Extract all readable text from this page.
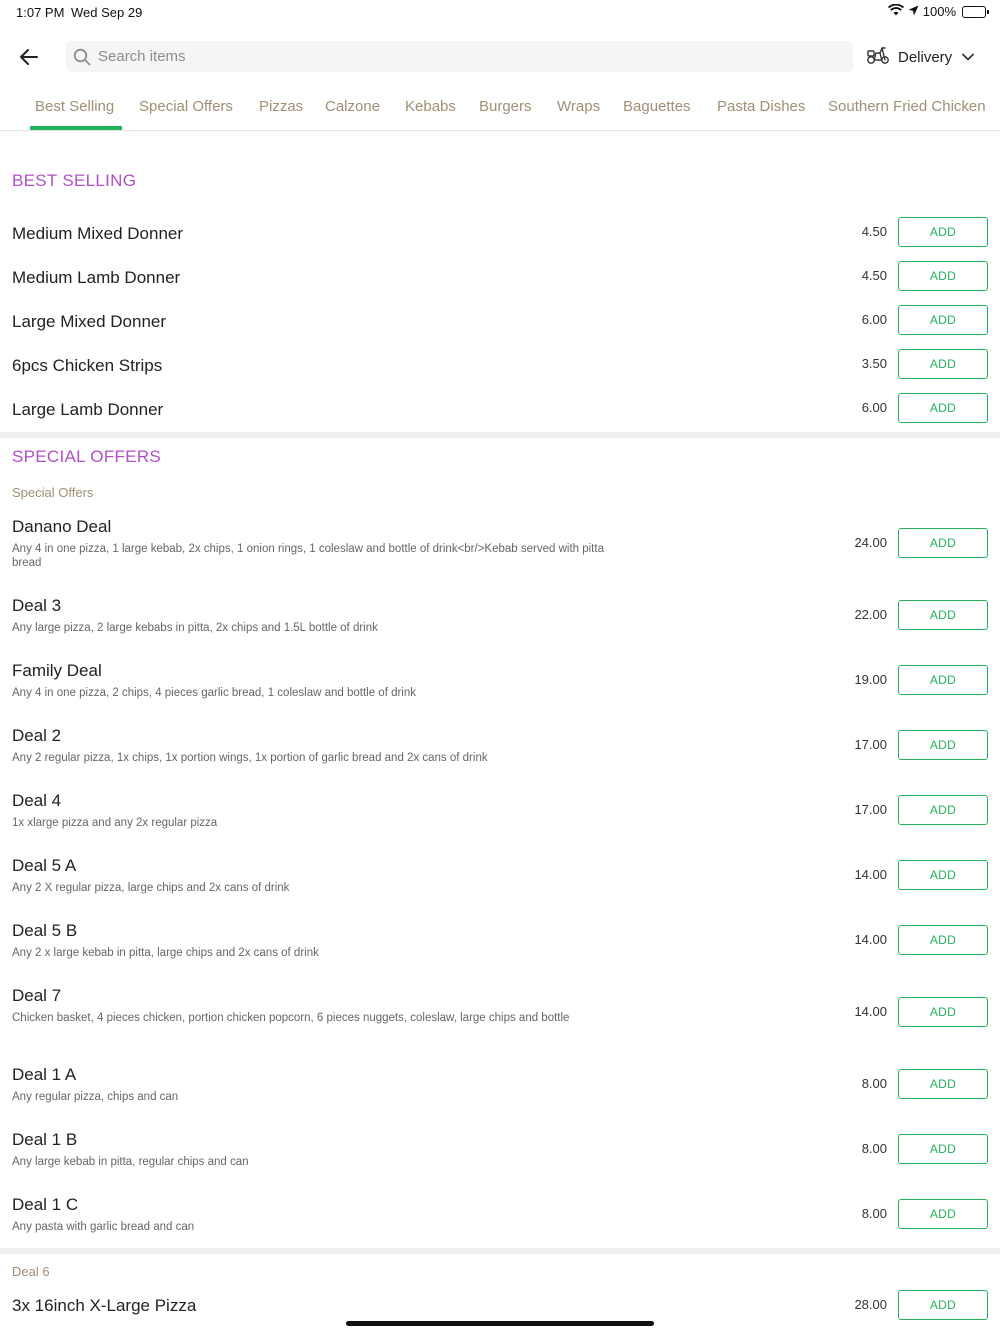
1:07 PM Wed Sep 29	100%
Search items
Delivery
Best Selling	Special Offers	Pizzas	Calzone	Kebabs	Burgers	Wraps	Baguettes	Pasta Dishes	Southern Fried Chicken
BEST SELLING
Medium Mixed Donner	4.50	ADD
Medium Lamb Donner	4.50	ADD
Large Mixed Donner	6.00	ADD
6pcs Chicken Strips	3.50	ADD
Large Lamb Donner	6.00	ADD
SPECIAL OFFERS
Special Offers
Danano Deal
Any 4 in one pizza, 1 large kebab, 2x chips, 1 onion rings, 1 coleslaw and bottle of drink<br/>Kebab served with pitta bread
24.00	ADD
Deal 3
Any large pizza, 2 large kebabs in pitta, 2x chips and 1.5L bottle of drink
22.00	ADD
Family Deal
Any 4 in one pizza, 2 chips, 4 pieces garlic bread, 1 coleslaw and bottle of drink
19.00	ADD
Deal 2
Any 2 regular pizza, 1x chips, 1x portion wings, 1x portion of garlic bread and 2x cans of drink
17.00	ADD
Deal 4
1x xlarge pizza and any 2x regular pizza
17.00	ADD
Deal 5 A
Any 2 X regular pizza, large chips and 2x cans of drink
14.00	ADD
Deal 5 B
Any 2 x large kebab in pitta, large chips and 2x cans of drink
14.00	ADD
Deal 7
Chicken basket, 4 pieces chicken, portion chicken popcorn, 6 pieces nuggets, coleslaw, large chips and bottle	14.00	ADD
Deal 1 A
Any regular pizza, chips and can
8.00	ADD
Deal 1 B
Any large kebab in pitta, regular chips and can
8.00	ADD
Deal 1 C
Any pasta with garlic bread and can
8.00	ADD
Deal 6
3x 16inch X-Large Pizza	28.00	ADD
